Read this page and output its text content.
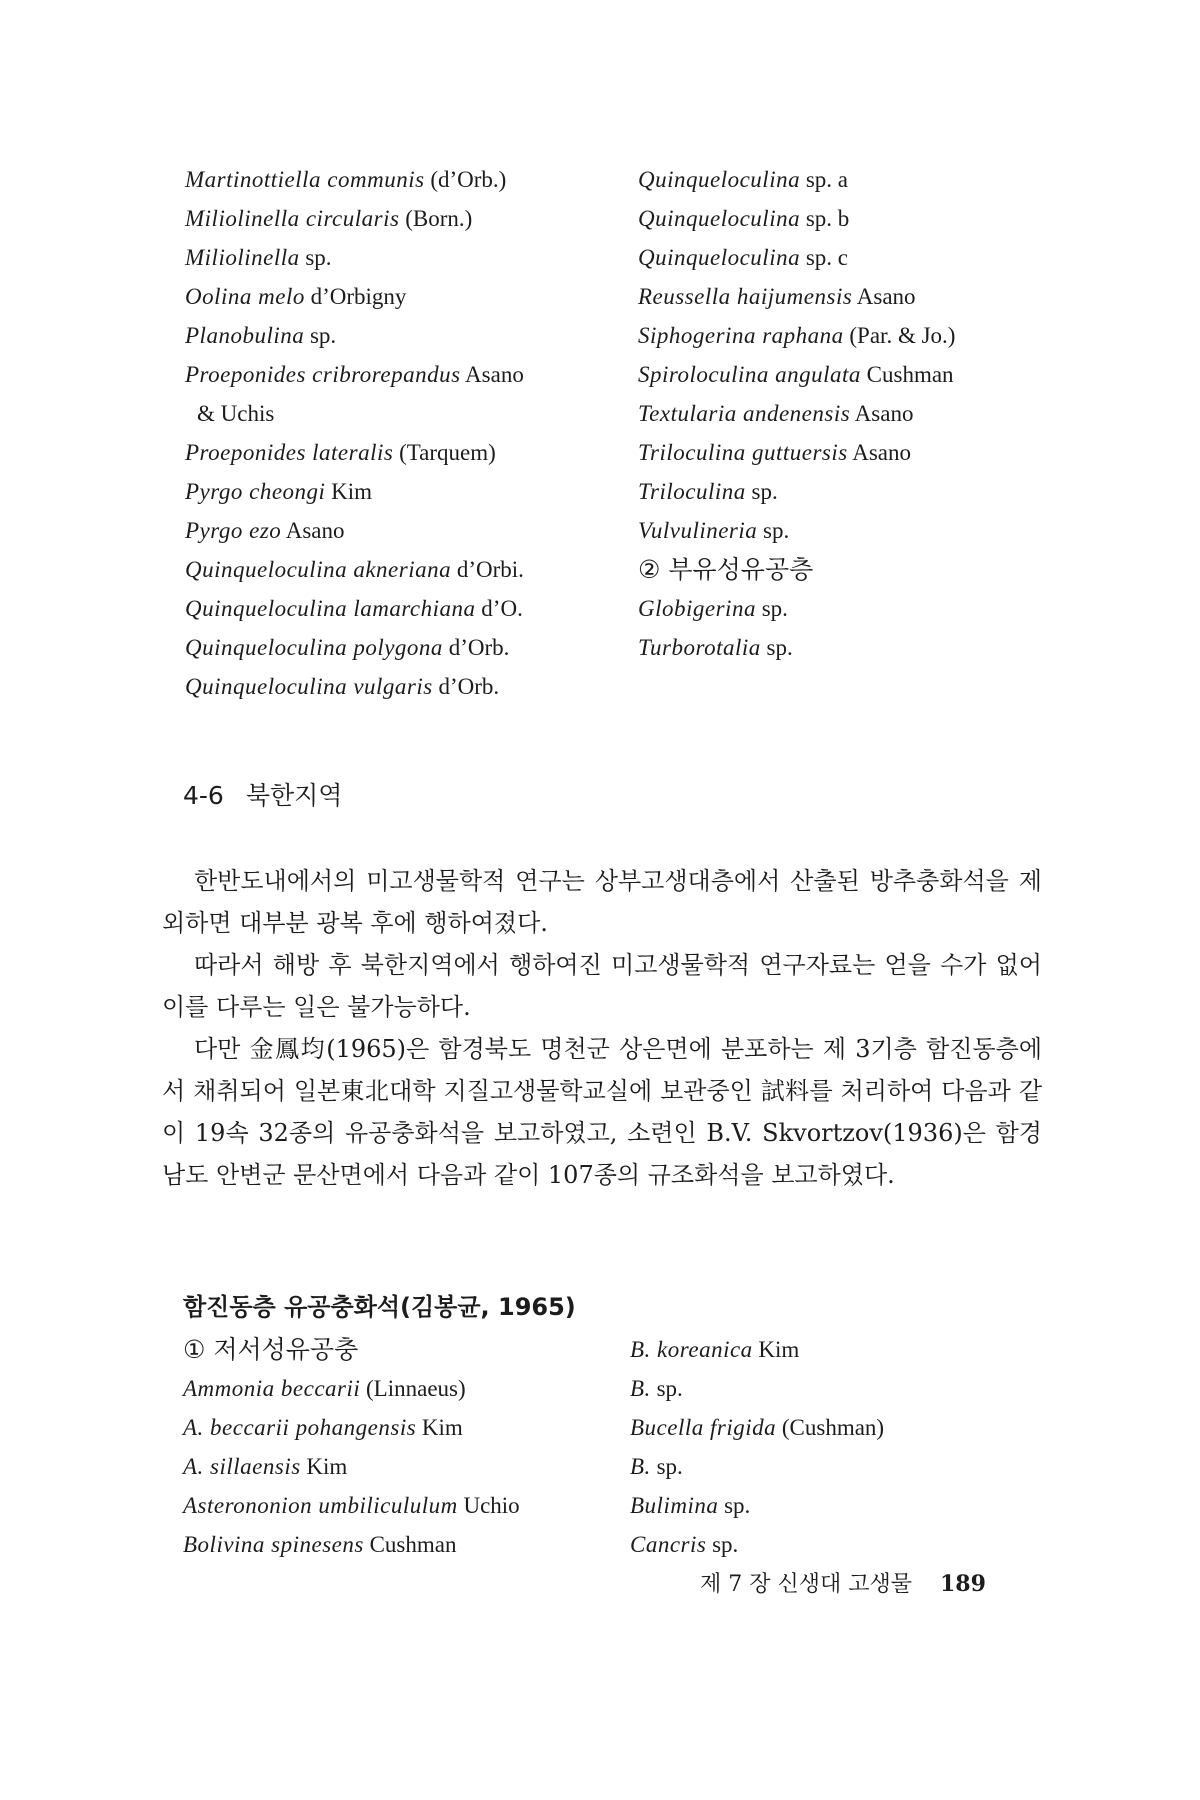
Martinottiella communis (d’Orb.)
Miliolinella circularis (Born.)
Miliolinella sp.
Oolina melo d’Orbigny
Planobulina sp.
Proeponides cribrorepandus Asano
& Uchis
Proeponides lateralis (Tarquem)
Pyrgo cheongi Kim
Pyrgo ezo Asano
Quinqueloculina akneriana d’Orbi.
Quinqueloculina lamarchiana d’O.
Quinqueloculina polygona d’Orb.
Quinqueloculina vulgaris d’Orb.
Quinqueloculina sp. a
Quinqueloculina sp. b
Quinqueloculina sp. c
Reussella haijumensis Asano
Siphogerina raphana (Par. & Jo.)
Spiroloculina angulata Cushman
Textularia andenensis Asano
Triloculina guttuersis Asano
Triloculina sp.
Vulvulineria sp.
② 부유성유공층
Globigerina sp.
Turborotalia sp.
4-6 북한지역

한반도내에서의 미고생물학적 연구는 상부고생대층에서 산출된 방추충화석을 제외하면 대부분 광복 후에 행하여졌다.

따라서 해방 후 북한지역에서 행하여진 미고생물학적 연구자료는 얻을 수가 없어 이를 다루는 일은 불가능하다.

다만 金鳳均(1965)은 함경북도 명천군 상은면에 분포하는 제 3기층 함진동층에서 채취되어 일본東北대학 지질고생물학교실에 보관중인 試料를 처리하여 다음과 같이 19속 32종의 유공충화석을 보고하였고, 소련인 B.V. Skvortzov(1936)은 함경남도 안변군 문산면에서 다음과 같이 107종의 규조화석을 보고하였다.

함진동층 유공충화석(김봉균, 1965)
① 저서성유공충
Ammonia beccarii (Linnaeus)
A. beccarii pohangensis Kim
A. sillaensis Kim
Asterononion umbilicululum Uchio
Bolivina spinesens Cushman
B. koreanica Kim
B. sp.
Bucella frigida (Cushman)
B. sp.
Bulimina sp.
Cancris sp.
제 7 장 신생대 고생물 189
